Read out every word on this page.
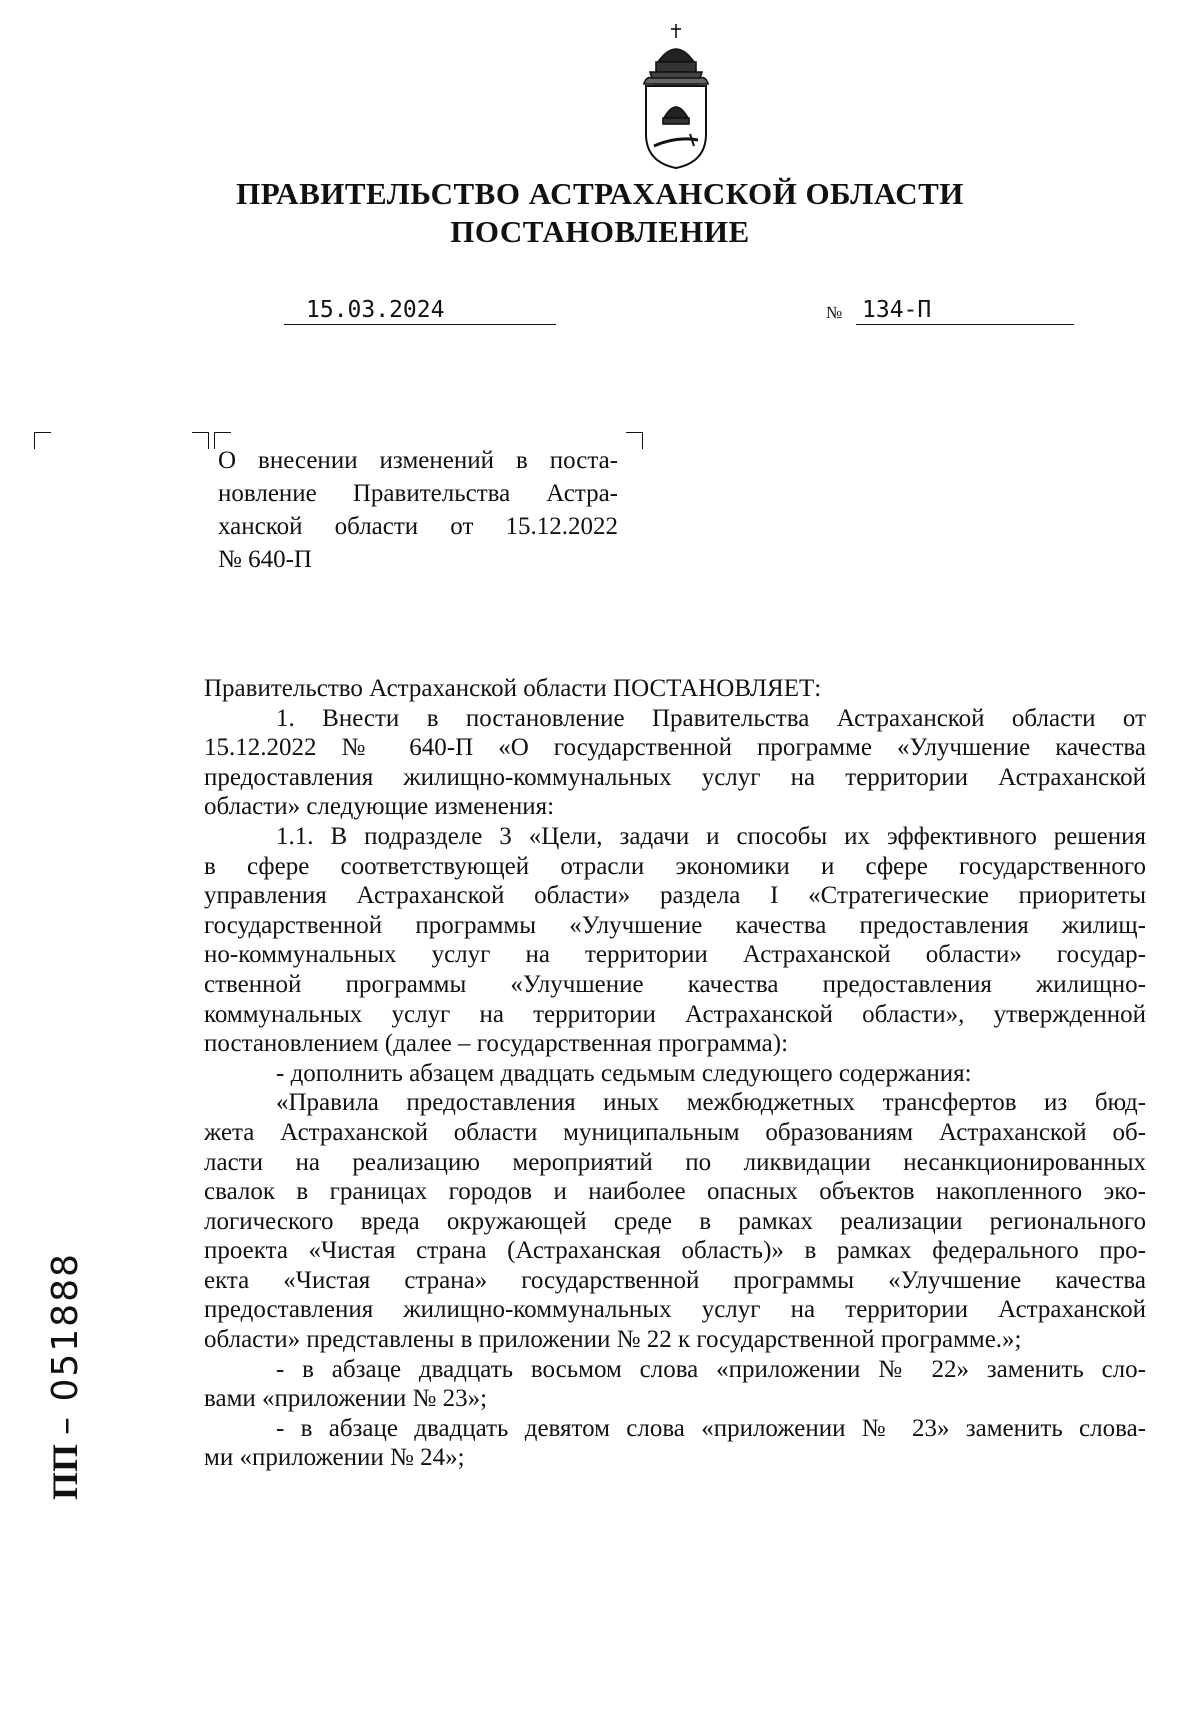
ПРАВИТЕЛЬСТВО АСТРАХАНСКОЙ ОБЛАСТИ
ПОСТАНОВЛЕНИЕ
15.03.2024	№ 134-П
О внесении изменений в поста-
новление Правительства Астра-
ханской области от 15.12.2022
№ 640-П
Правительство Астраханской области ПОСТАНОВЛЯЕТ:
1. Внести в постановление Правительства Астраханской области от
15.12.2022 № 640-П «О государственной программе «Улучшение качества
предоставления жилищно-коммунальных услуг на территории Астраханской
области» следующие изменения:
1.1. В подразделе 3 «Цели, задачи и способы их эффективного решения
в сфере соответствующей отрасли экономики и сфере государственного
управления Астраханской области» раздела I «Стратегические приоритеты
государственной программы «Улучшение качества предоставления жилищ-
но-коммунальных услуг на территории Астраханской области» государ-
ственной программы «Улучшение качества предоставления жилищно-
коммунальных услуг на территории Астраханской области», утвержденной
постановлением (далее – государственная программа):
- дополнить абзацем двадцать седьмым следующего содержания:
«Правила предоставления иных межбюджетных трансфертов из бюд-
жета Астраханской области муниципальным образованиям Астраханской об-
ласти на реализацию мероприятий по ликвидации несанкционированных
свалок в границах городов и наиболее опасных объектов накопленного эко-
логического вреда окружающей среде в рамках реализации регионального
проекта «Чистая страна (Астраханская область)» в рамках федерального про-
екта «Чистая страна» государственной программы «Улучшение качества
предоставления жилищно-коммунальных услуг на территории Астраханской
области» представлены в приложении № 22 к государственной программе.»;
- в абзаце двадцать восьмом слова «приложении № 22» заменить сло-
вами «приложении № 23»;
- в абзаце двадцать девятом слова «приложении № 23» заменить слова-
ми «приложении № 24»;
ПП – 051888
